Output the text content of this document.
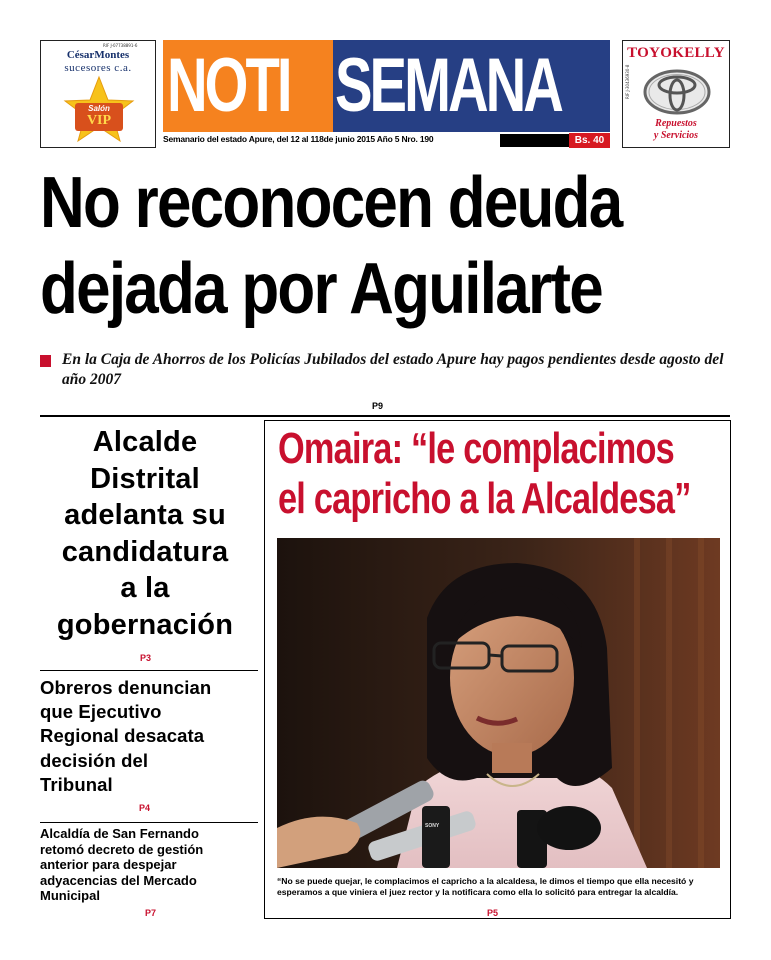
RIF J-07738891-6
CésarMontes
sucesores c.a.
Salón
VIP NOTI SEMANA	TOYOKELLY
RIF J-30436930-8
Repuestos
y Servicios
Semanario del estado Apure, del 12 al 118de junio 2015 Año 5 Nro. 190	Bs. 40
No reconocen deuda
dejada por Aguilarte
En la Caja de Ahorros de los Policías Jubilados del estado Apure hay pagos pendientes desde agosto del año 2007
P9
Alcalde
Distrital
adelanta su
candidatura
a la
gobernación
P3
Obreros denuncian
que Ejecutivo
Regional desacata
decisión del
Tribunal
P4
Alcaldía de San Fernando
retomó decreto de gestión
anterior para despejar
adyacencias del Mercado
Municipal
P7
Omaira: “le complacimos
el capricho a la Alcaldesa”
SONY
“No se puede quejar, le complacimos el capricho a la alcaldesa, le dimos el tiempo que ella necesitó y esperamos a que viniera el juez rector y la notificara como ella lo solicitó para entregar la alcaldía.
P5
